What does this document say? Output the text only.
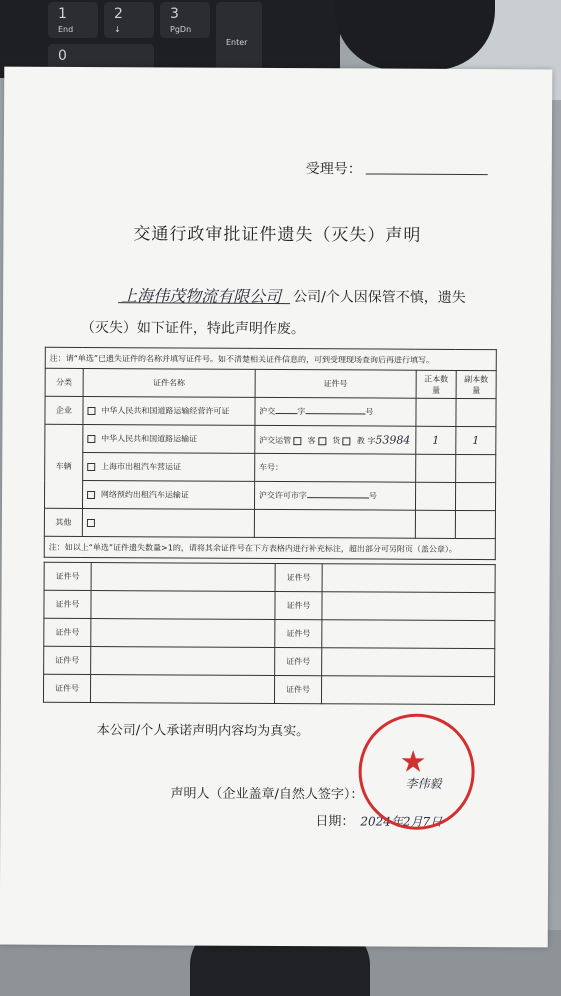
1
End
2
↓
3
PgDn
Enter
0
受理号：
交通行政审批证件遗失（灭失）声明
上海伟茂物流有限公司 公司/个人因保管不慎，遗失
（灭失）如下证件，特此声明作废。
注：请“单选”已遗失证件的名称并填写证件号。如不清楚相关证件信息的，可到受理现场查询后再进行填写。				
分类	证件名称	证件号	正本数量	副本数量
企业	中华人民共和国道路运输经营许可证	沪交 字 号		
车辆	中华人民共和国道路运输证	沪交运管 客 货 教 字53984	1	1
	上海市出租汽车营运证	车号：		
	网络预约出租汽车运输证	沪交许可市字 号		
其他				
注：如以上“单选”证件遗失数量>1的，请将其余证件号在下方表格内进行补充标注，超出部分可另附页（盖公章）。				
证件号		证件号	
证件号		证件号	
证件号		证件号	
证件号		证件号	
证件号		证件号	
本公司/个人承诺声明内容均为真实。
声明人（企业盖章/自然人签字）：
日期： 2024年2月7日
★
李伟毅
